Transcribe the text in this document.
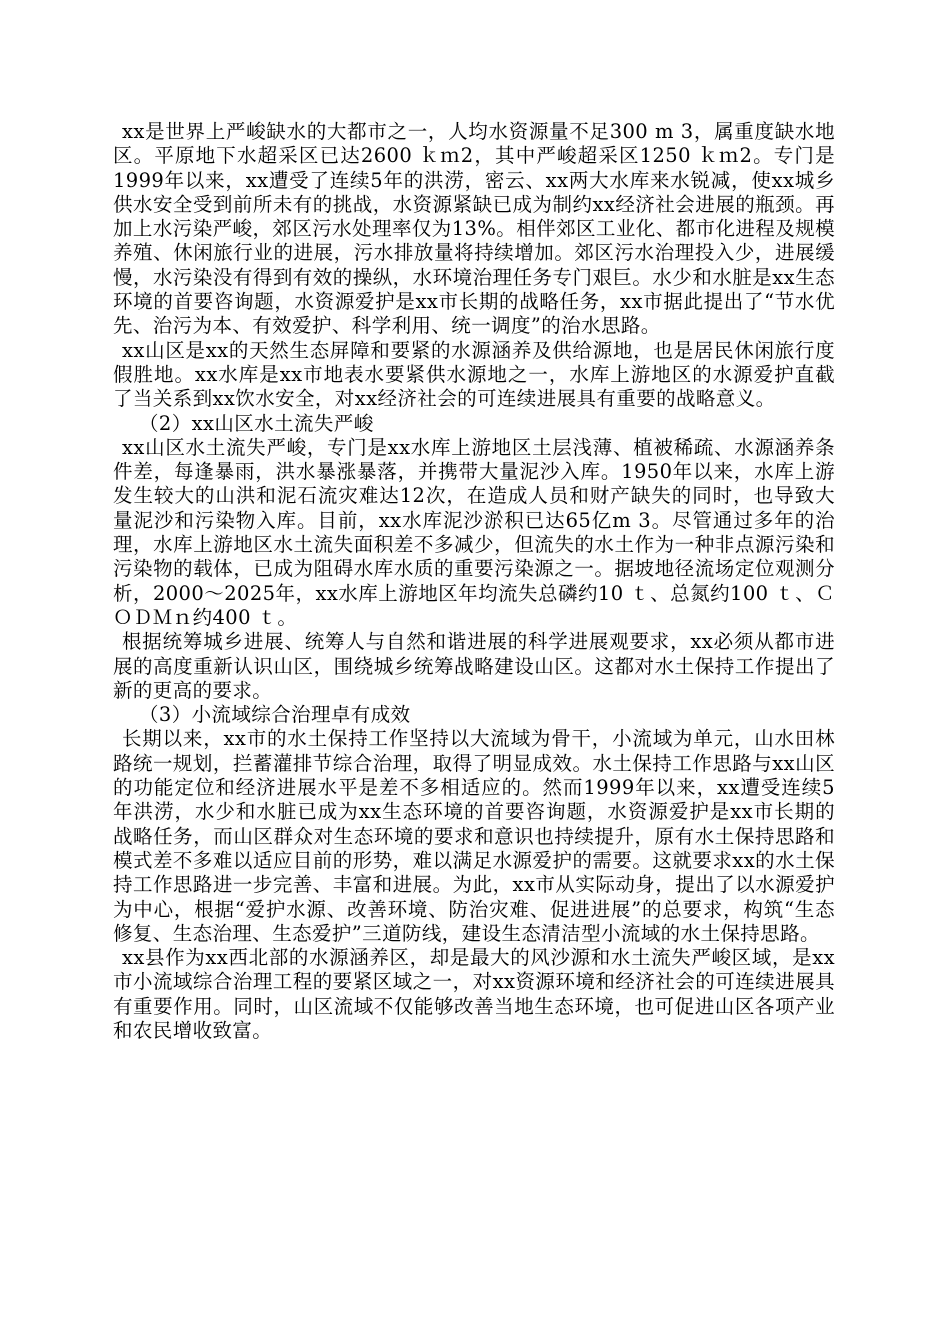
xx是世界上严峻缺水的大都市之一，人均水资源量不足300 m 3，属重度缺水地区。平原地下水超采区已达2600 ｋｍ2，其中严峻超采区1250 ｋｍ2。专门是1999年以来，xx遭受了连续5年的洪涝，密云、xx两大水库来水锐减，使xx城乡供水安全受到前所未有的挑战，水资源紧缺已成为制约xx经济社会进展的瓶颈。再加上水污染严峻，郊区污水处理率仅为13%。相伴郊区工业化、都市化进程及规模养殖、休闲旅行业的进展，污水排放量将持续增加。郊区污水治理投入少，进展缓慢，水污染没有得到有效的操纵，水环境治理任务专门艰巨。水少和水脏是xx生态环境的首要咨询题，水资源爱护是xx市长期的战略任务，xx市据此提出了“节水优先、治污为本、有效爱护、科学利用、统一调度”的治水思路。

xx山区是xx的天然生态屏障和要紧的水源涵养及供给源地，也是居民休闲旅行度假胜地。xx水库是xx市地表水要紧供水源地之一，水库上游地区的水源爱护直截了当关系到xx饮水安全，对xx经济社会的可连续进展具有重要的战略意义。

（2）xx山区水土流失严峻

xx山区水土流失严峻，专门是xx水库上游地区土层浅薄、植被稀疏、水源涵养条件差，每逢暴雨，洪水暴涨暴落，并携带大量泥沙入库。1950年以来，水库上游发生较大的山洪和泥石流灾难达12次，在造成人员和财产缺失的同时，也导致大量泥沙和污染物入库。目前，xx水库泥沙淤积已达65亿m 3。尽管通过多年的治理，水库上游地区水土流失面积差不多减少，但流失的水土作为一种非点源污染和污染物的载体，已成为阻碍水库水质的重要污染源之一。据坡地径流场定位观测分析，2000～2025年，xx水库上游地区年均流失总磷约10 ｔ、总氮约100 ｔ、ＣＯＤＭｎ约400 ｔ。

根据统筹城乡进展、统筹人与自然和谐进展的科学进展观要求，xx必须从都市进展的高度重新认识山区，围绕城乡统筹战略建设山区。这都对水土保持工作提出了新的更高的要求。

（3）小流域综合治理卓有成效

长期以来，xx市的水土保持工作坚持以大流域为骨干，小流域为单元，山水田林路统一规划，拦蓄灌排节综合治理，取得了明显成效。水土保持工作思路与xx山区的功能定位和经济进展水平是差不多相适应的。然而1999年以来，xx遭受连续5年洪涝，水少和水脏已成为xx生态环境的首要咨询题，水资源爱护是xx市长期的战略任务，而山区群众对生态环境的要求和意识也持续提升，原有水土保持思路和模式差不多难以适应目前的形势，难以满足水源爱护的需要。这就要求xx的水土保持工作思路进一步完善、丰富和进展。为此，xx市从实际动身，提出了以水源爱护为中心，根据“爱护水源、改善环境、防治灾难、促进进展”的总要求，构筑“生态修复、生态治理、生态爱护”三道防线，建设生态清洁型小流域的水土保持思路。

xx县作为xx西北部的水源涵养区，却是最大的风沙源和水土流失严峻区域，是xx市小流域综合治理工程的要紧区域之一，对xx资源环境和经济社会的可连续进展具有重要作用。同时，山区流域不仅能够改善当地生态环境，也可促进山区各项产业和农民增收致富。
